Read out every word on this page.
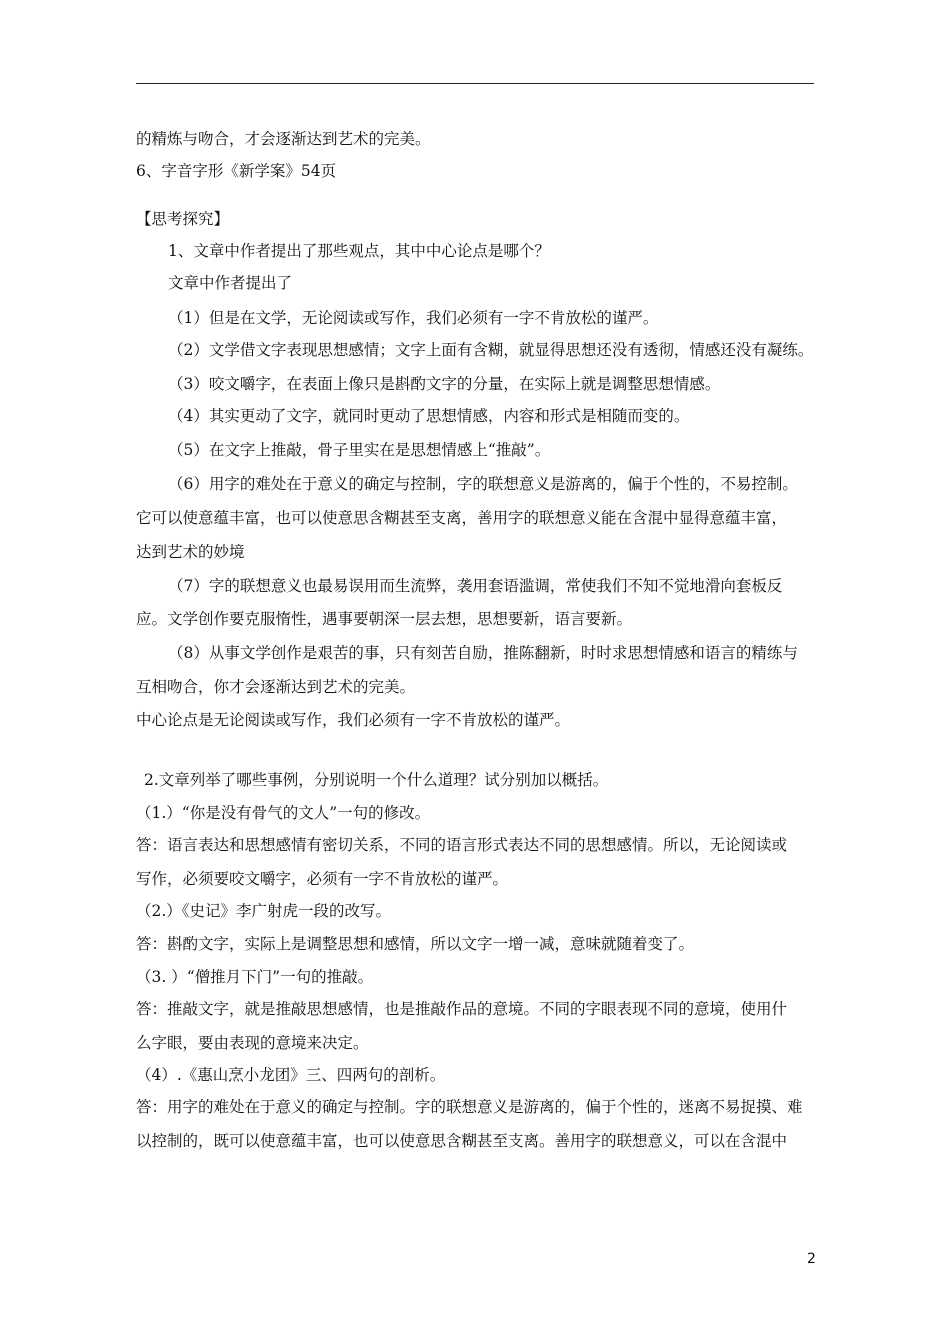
的精炼与吻合，才会逐渐达到艺术的完美。
6、字音字形《新学案》54页
【思考探究】
1、文章中作者提出了那些观点，其中中心论点是哪个？
文章中作者提出了
（1）但是在文学，无论阅读或写作，我们必须有一字不肯放松的谨严。
（2）文学借文字表现思想感情；文字上面有含糊，就显得思想还没有透彻，情感还没有凝练。
（3）咬文嚼字，在表面上像只是斟酌文字的分量，在实际上就是调整思想情感。
（4）其实更动了文字，就同时更动了思想情感，内容和形式是相随而变的。
（5）在文字上推敲，骨子里实在是思想情感上“推敲”。
（6）用字的难处在于意义的确定与控制，字的联想意义是游离的，偏于个性的，不易控制。
它可以使意蕴丰富，也可以使意思含糊甚至支离，善用字的联想意义能在含混中显得意蕴丰富，
达到艺术的妙境
（7）字的联想意义也最易误用而生流弊，袭用套语滥调，常使我们不知不觉地滑向套板反
应。文学创作要克服惰性，遇事要朝深一层去想，思想要新，语言要新。
（8）从事文学创作是艰苦的事，只有刻苦自励，推陈翻新，时时求思想情感和语言的精练与
互相吻合，你才会逐渐达到艺术的完美。
中心论点是无论阅读或写作，我们必须有一字不肯放松的谨严。
2.文章列举了哪些事例，分别说明一个什么道理？试分别加以概括。
（1.）“你是没有骨气的文人”一句的修改。
答：语言表达和思想感情有密切关系，不同的语言形式表达不同的思想感情。所以，无论阅读或
写作，必须要咬文嚼字，必须有一字不肯放松的谨严。
（2.）《史记》李广射虎一段的改写。
答：斟酌文字，实际上是调整思想和感情，所以文字一增一减，意味就随着变了。
（3. ）“僧推月下门”一句的推敲。
答：推敲文字，就是推敲思想感情，也是推敲作品的意境。不同的字眼表现不同的意境，使用什
么字眼，要由表现的意境来决定。
（4）.《惠山烹小龙团》三、四两句的剖析。
答：用字的难处在于意义的确定与控制。字的联想意义是游离的，偏于个性的，迷离不易捉摸、难
以控制的，既可以使意蕴丰富，也可以使意思含糊甚至支离。善用字的联想意义，可以在含混中
2
